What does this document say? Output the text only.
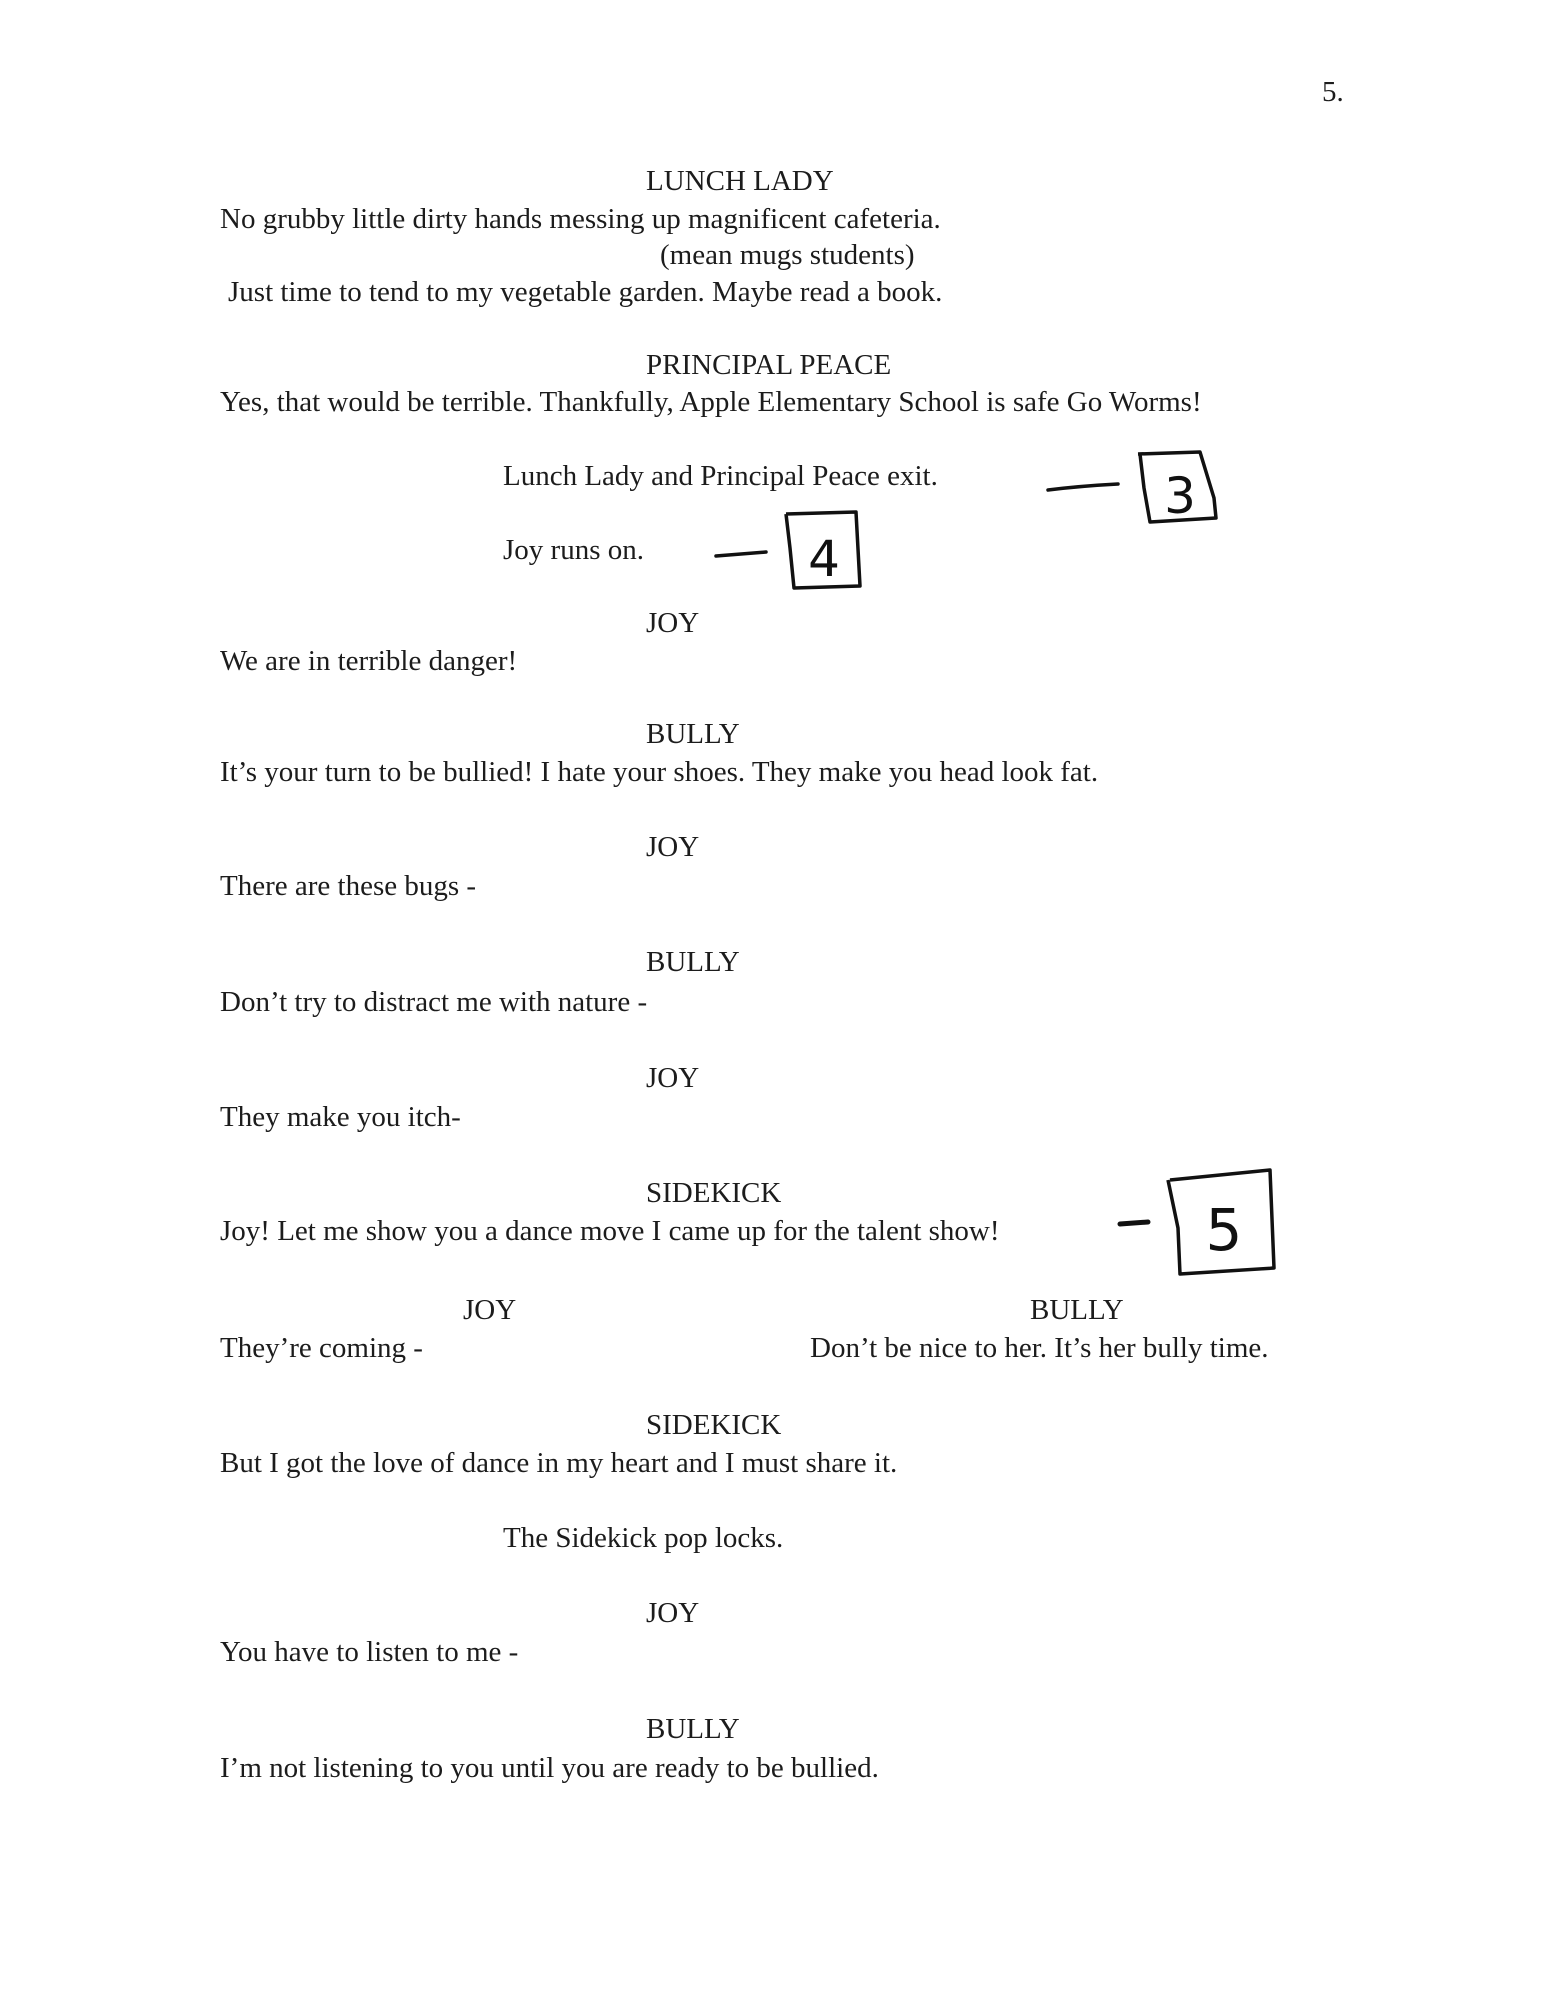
5.
LUNCH LADY
No grubby little dirty hands messing up magnificent cafeteria.
(mean mugs students)
Just time to tend to my vegetable garden. Maybe read a book.
PRINCIPAL PEACE
Yes, that would be terrible. Thankfully, Apple Elementary School is safe Go Worms!
Lunch Lady and Principal Peace exit.
Joy runs on.
JOY
We are in terrible danger!
BULLY
It’s your turn to be bullied! I hate your shoes. They make you head look fat.
JOY
There are these bugs -
BULLY
Don’t try to distract me with nature -
JOY
They make you itch-
SIDEKICK
Joy! Let me show you a dance move I came up for the talent show!
JOY
They’re coming -
BULLY
Don’t be nice to her. It’s her bully time.
SIDEKICK
But I got the love of dance in my heart and I must share it.
The Sidekick pop locks.
JOY
You have to listen to me -
BULLY
I’m not listening to you until you are ready to be bullied.
3
4
5
